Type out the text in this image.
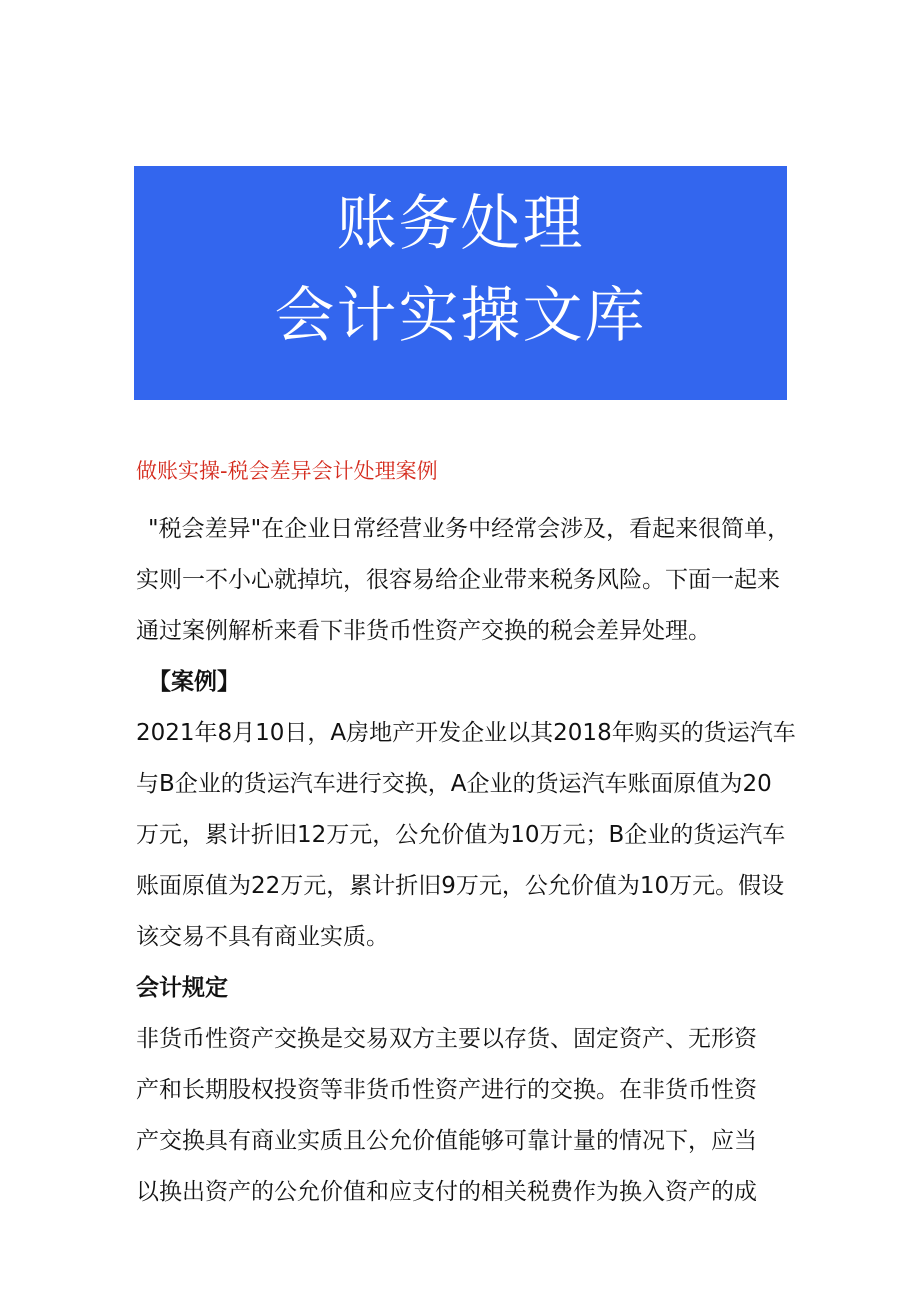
账务处理
会计实操文库
做账实操-税会差异会计处理案例

"税会差异"在企业日常经营业务中经常会涉及，看起来很简单，
实则一不小心就掉坑，很容易给企业带来税务风险。下面一起来
通过案例解析来看下非货币性资产交换的税会差异处理。

【案例】

2021年8月10日，A房地产开发企业以其2018年购买的货运汽车
与B企业的货运汽车进行交换，A企业的货运汽车账面原值为20
万元，累计折旧12万元，公允价值为10万元；B企业的货运汽车
账面原值为22万元，累计折旧9万元，公允价值为10万元。假设
该交易不具有商业实质。

会计规定

非货币性资产交换是交易双方主要以存货、固定资产、无形资
产和长期股权投资等非货币性资产进行的交换。在非货币性资
产交换具有商业实质且公允价值能够可靠计量的情况下，应当
以换出资产的公允价值和应支付的相关税费作为换入资产的成
